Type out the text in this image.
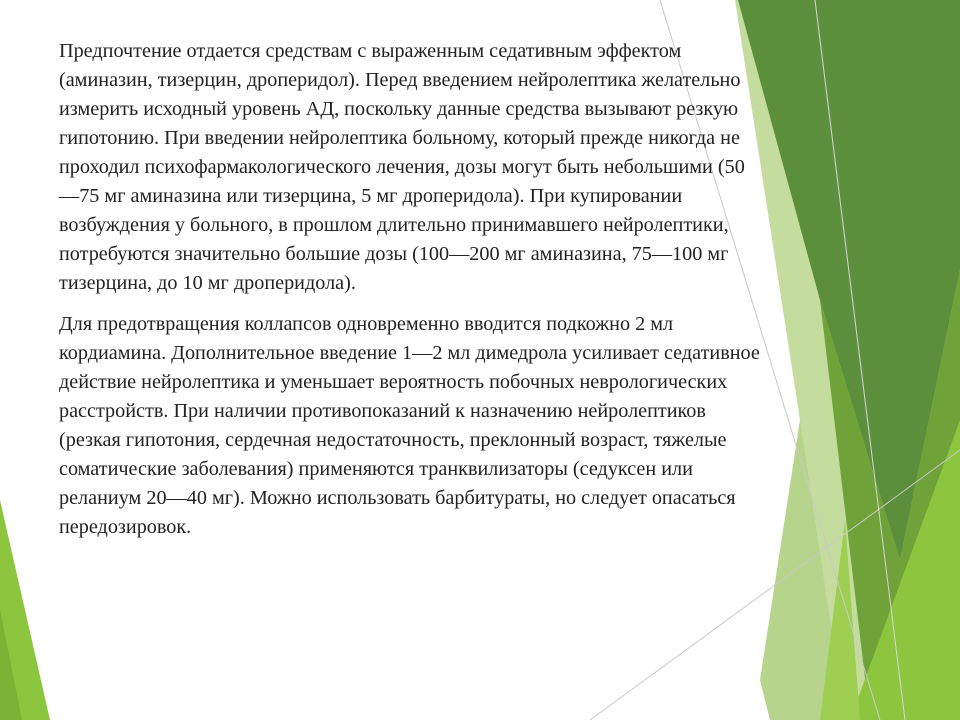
Предпочтение отдается средствам с выраженным седативным эффектом
(аминазин, тизерцин, дроперидол). Перед введением нейролептика желательно
измерить исходный уровень АД, поскольку данные средства вызывают резкую
гипотонию. При введении нейролептика больному, который прежде никогда не
проходил психофармакологического лечения, дозы могут быть небольшими (50
—75 мг аминазина или тизерцина, 5 мг дроперидола). При купировании
возбуждения у больного, в прошлом длительно принимавшего нейролептики,
потребуются значительно большие дозы (100—200 мг аминазина, 75—100 мг
тизерцина, до 10 мг дроперидола).

Для предотвращения коллапсов одновременно вводится подкожно 2 мл
кордиамина. Дополнительное введение 1—2 мл димедрола усиливает седативное
действие нейролептика и уменьшает вероятность побочных неврологических
расстройств. При наличии противопоказаний к назначению нейролептиков
(резкая гипотония, сердечная недостаточность, преклонный возраст, тяжелые
соматические заболевания) применяются транквилизаторы (седуксен или
реланиум 20—40 мг). Можно использовать барбитураты, но следует опасаться
передозировок.
